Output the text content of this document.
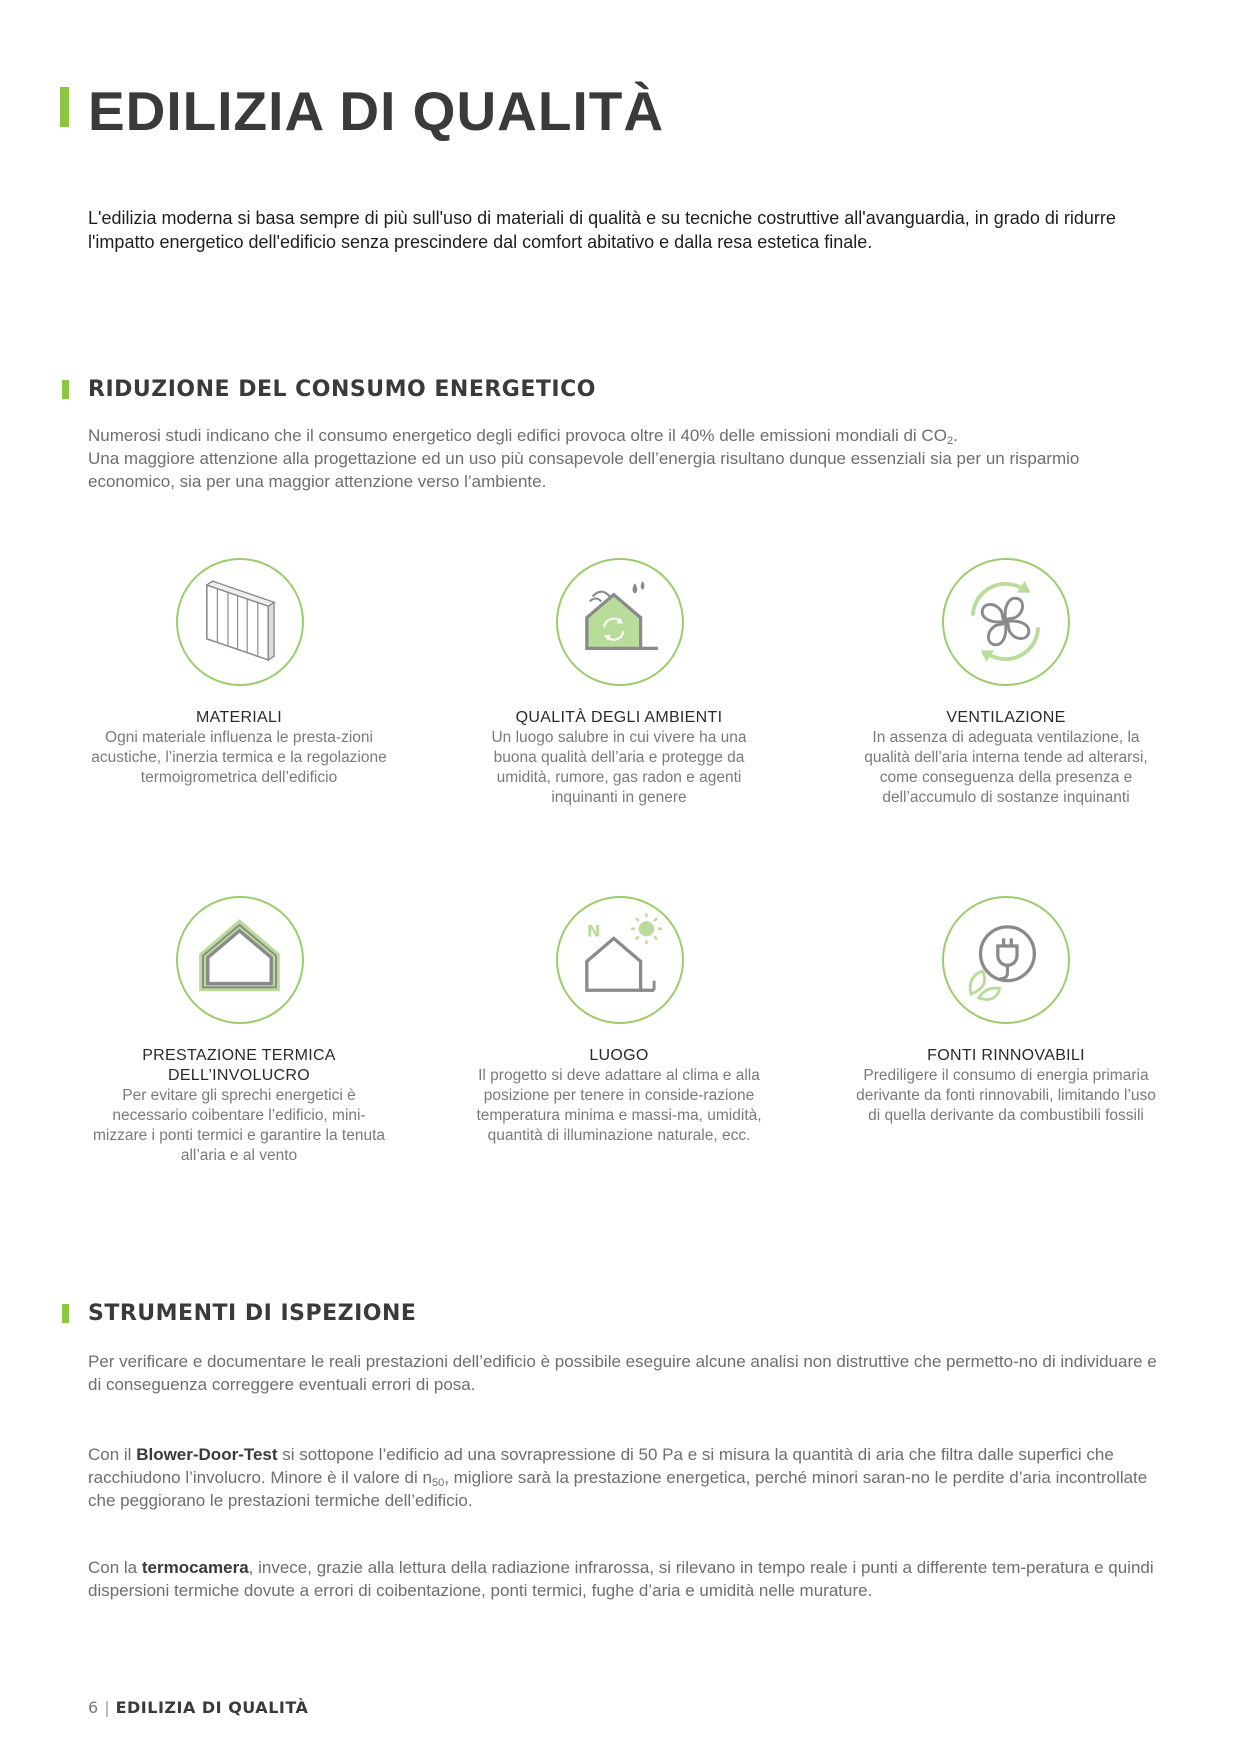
EDILIZIA DI QUALITÀ

L'edilizia moderna si basa sempre di più sull'uso di materiali di qualità e su tecniche costruttive all'avanguardia, in grado di ridurre l'impatto energetico dell'edificio senza prescindere dal comfort abitativo e dalla resa estetica finale.

RIDUZIONE DEL CONSUMO ENERGETICO
Numerosi studi indicano che il consumo energetico degli edifici provoca oltre il 40% delle emissioni mondiali di $CO_2$.
Una maggiore attenzione alla progettazione ed un uso più consapevole dell’energia risultano dunque essenziali sia per un risparmio economico, sia per una maggior attenzione verso l’ambiente.
MATERIALI
Ogni materiale influenza le presta-zioni acustiche, l’inerzia termica e la regolazione termoigrometrica dell’edificio
QUALITÀ DEGLI AMBIENTI
Un luogo salubre in cui vivere ha una buona qualità dell’aria e protegge da umidità, rumore, gas radon e agenti inquinanti in genere
VENTILAZIONE
In assenza di adeguata ventilazione, la qualità dell’aria interna tende ad alterarsi, come conseguenza della presenza e dell’accumulo di sostanze inquinanti
N
PRESTAZIONE TERMICA DELL’INVOLUCRO
Per evitare gli sprechi energetici è necessario coibentare l’edificio, mini-mizzare i ponti termici e garantire la tenuta all’aria e al vento
LUOGO
Il progetto si deve adattare al clima e alla posizione per tenere in conside-razione temperatura minima e massi-ma, umidità, quantità di illuminazione naturale, ecc.
FONTI RINNOVABILI
Prediligere il consumo di energia primaria derivante da fonti rinnovabili, limitando l’uso di quella derivante da combustibili fossili
STRUMENTI DI ISPEZIONE

Per verificare e documentare le reali prestazioni dell’edificio è possibile eseguire alcune analisi non distruttive che permetto-no di individuare e di conseguenza correggere eventuali errori di posa.

Con il Blower-Door-Test si sottopone l’edificio ad una sovrapressione di 50 Pa e si misura la quantità di aria che filtra dalle superfici che racchiudono l’involucro. Minore è il valore di $n_{50}$, migliore sarà la prestazione energetica, perché minori saran-no le perdite d’aria incontrollate che peggiorano le prestazioni termiche dell’edificio.

Con la termocamera, invece, grazie alla lettura della radiazione infrarossa, si rilevano in tempo reale i punti a differente tem-peratura e quindi dispersioni termiche dovute a errori di coibentazione, ponti termici, fughe d’aria e umidità nelle murature.

6 | EDILIZIA DI QUALITÀ
